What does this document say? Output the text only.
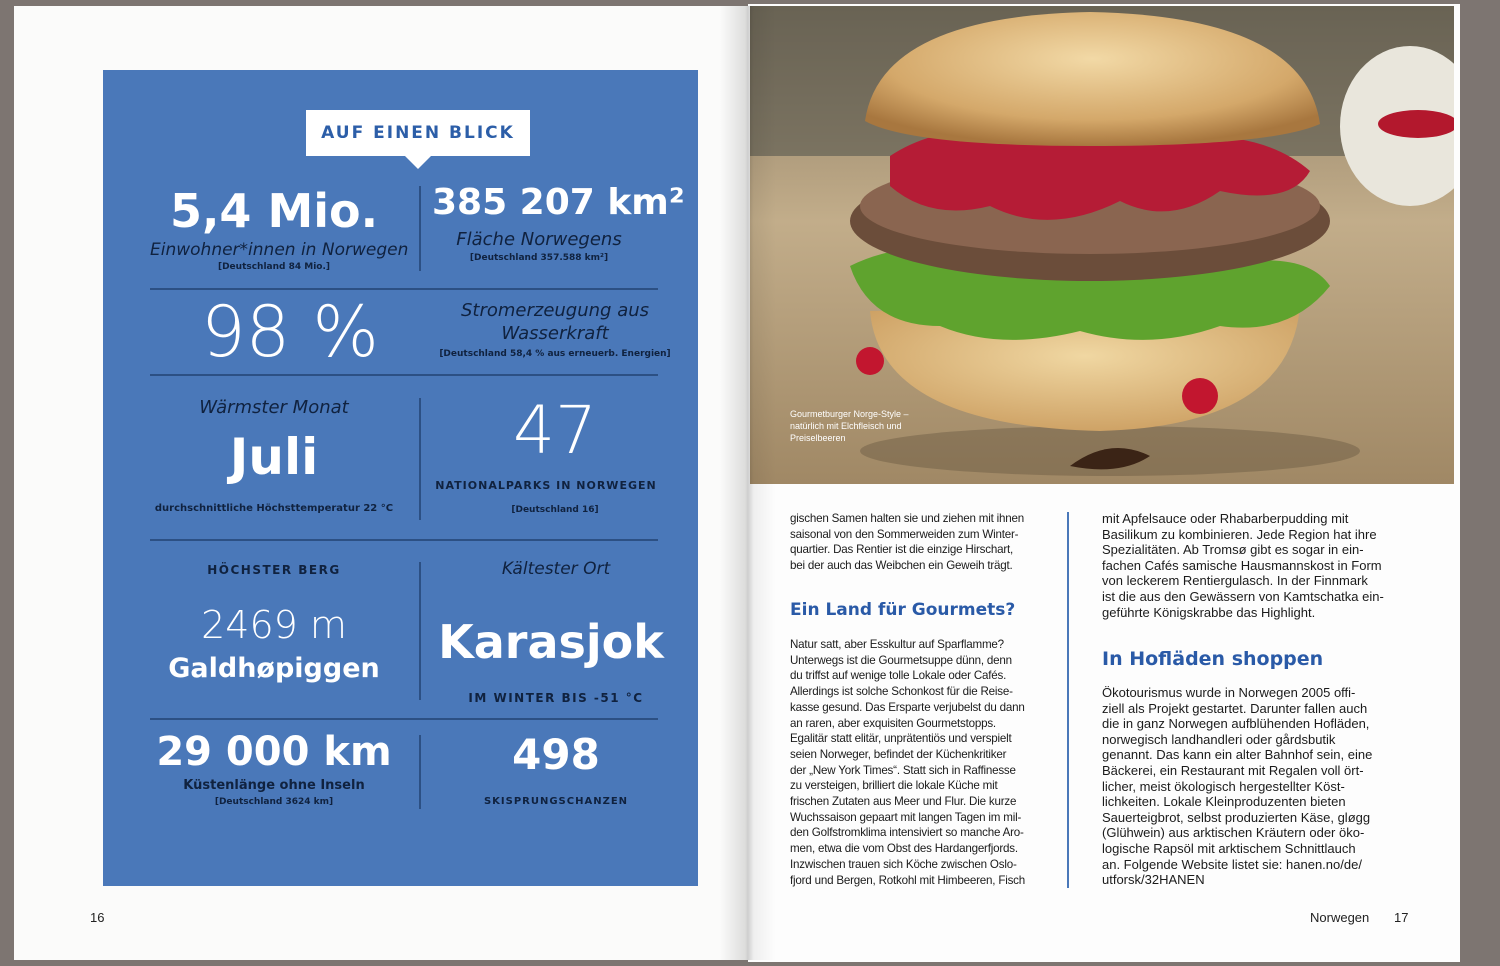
AUF EINEN BLICK
5,4 Mio.
Einwohner*innen in Norwegen
[Deutschland 84 Mio.]
385 207 km²
Fläche Norwegens
[Deutschland 357.588 km²]
98 %	Stromerzeugung aus
Wasserkraft
[Deutschland 58,4 % aus erneuerb. Energien]
Wärmster Monat
Juli
durchschnittliche Höchsttemperatur 22 °C
47
NATIONALPARKS IN NORWEGEN
[Deutschland 16]
HÖCHSTER BERG
2469 m
Galdhøpiggen
Kältester Ort
Karasjok
IM WINTER BIS -51 °C
29 000 km
Küstenlänge ohne Inseln
[Deutschland 3624 km]
498
SKISPRUNGSCHANZEN
16
Gourmetburger Norge-Style –
natürlich mit Elchfleisch und
Preiselbeeren

gischen Samen halten sie und ziehen mit ihnen

saisonal von den Sommerweiden zum Winter-

quartier. Das Rentier ist die einzige Hirschart,

bei der auch das Weibchen ein Geweih trägt.

Ein Land für Gourmets?

Natur satt, aber Esskultur auf Sparflamme?

Unterwegs ist die Gourmetsuppe dünn, denn

du triffst auf wenige tolle Lokale oder Cafés.

Allerdings ist solche Schonkost für die Reise-

kasse gesund. Das Ersparte verjubelst du dann

an raren, aber exquisiten Gourmetstopps.

Egalitär statt elitär, unprätentiös und verspielt

seien Norweger, befindet der Küchenkritiker

der „New York Times“. Statt sich in Raffinesse

zu versteigen, brilliert die lokale Küche mit

frischen Zutaten aus Meer und Flur. Die kurze

Wuchssaison gepaart mit langen Tagen im mil-

den Golfstromklima intensiviert so manche Aro-

men, etwa die vom Obst des Hardangerfjords.

Inzwischen trauen sich Köche zwischen Oslo-

fjord und Bergen, Rotkohl mit Himbeeren, Fisch

mit Apfelsauce oder Rhabarberpudding mit

Basilikum zu kombinieren. Jede Region hat ihre

Spezialitäten. Ab Tromsø gibt es sogar in ein-

fachen Cafés samische Hausmannskost in Form

von leckerem Rentiergulasch. In der Finnmark

ist die aus den Gewässern von Kamtschatka ein-

geführte Königskrabbe das Highlight.

In Hofläden shoppen

Ökotourismus wurde in Norwegen 2005 offi-

ziell als Projekt gestartet. Darunter fallen auch

die in ganz Norwegen aufblühenden Hofläden,

norwegisch landhandleri oder gårdsbutik

genannt. Das kann ein alter Bahnhof sein, eine

Bäckerei, ein Restaurant mit Regalen voll ört-

licher, meist ökologisch hergestellter Köst-

lichkeiten. Lokale Kleinproduzenten bieten

Sauerteigbrot, selbst produzierten Käse, gløgg

(Glühwein) aus arktischen Kräutern oder öko-

logische Rapsöl mit arktischem Schnittlauch

an. Folgende Website listet sie: hanen.no/de/

utforsk/32HANEN

Norwegen 17
